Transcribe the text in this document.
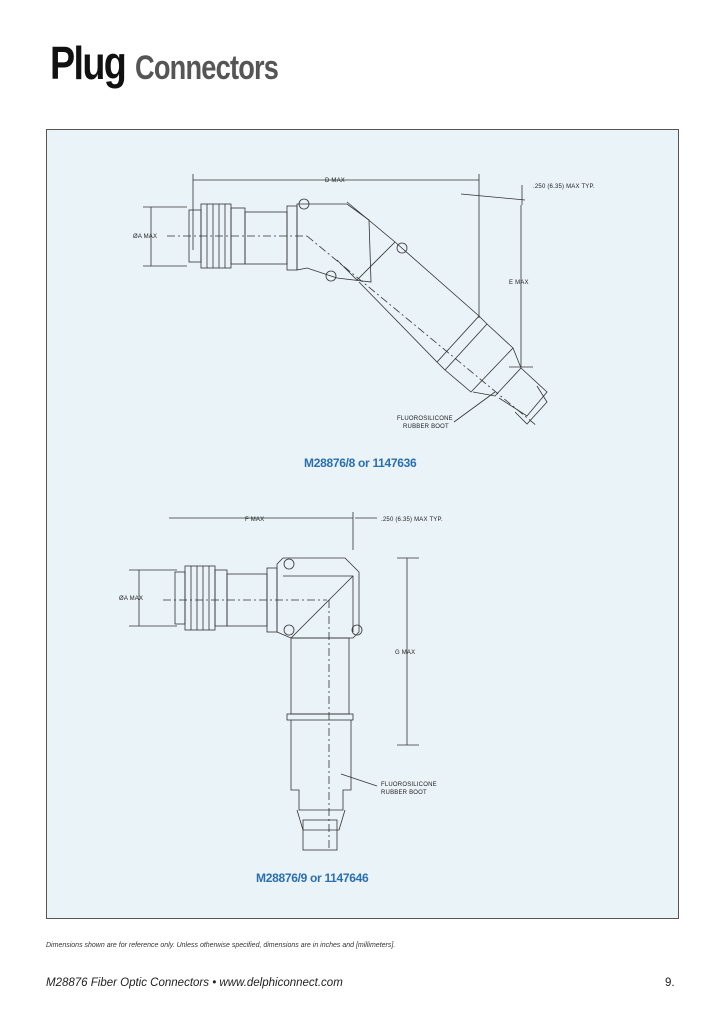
Plug Connectors
FLUOROSILICONE
RUBBER BOOT
D MAX
ØA MAX
E MAX
.250 (6.35) MAX TYP.
FLUOROSILICONE
RUBBER BOOT
F MAX
ØA MAX
G MAX
.250 (6.35) MAX TYP.
M28876/8 or 1147636
M28876/9 or 1147646
Dimensions shown are for reference only. Unless otherwise specified, dimensions are in inches and [millimeters].
M28876 Fiber Optic Connectors • www.delphiconnect.com	9.
